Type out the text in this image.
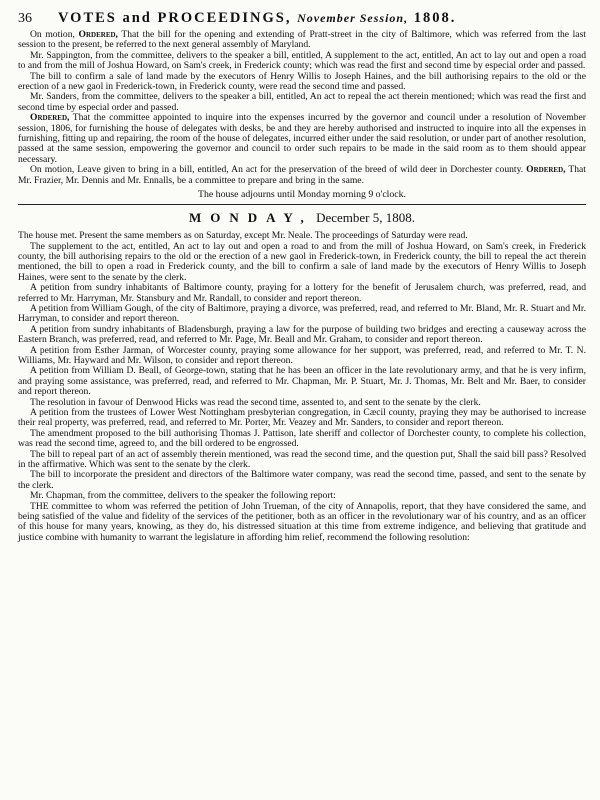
36	VOTES and PROCEEDINGS, November Session, 1808.

On motion, Ordered, That the bill for the opening and extending of Pratt-street in the city of Baltimore, which was referred from the last session to the present, be referred to the next general assembly of Maryland.

Mr. Sappington, from the committee, delivers to the speaker a bill, entitled, A supplement to the act, entitled, An act to lay out and open a road to and from the mill of Joshua Howard, on Sam's creek, in Frederick county; which was read the first and second time by especial order and passed.

The bill to confirm a sale of land made by the executors of Henry Willis to Joseph Haines, and the bill authorising repairs to the old or the erection of a new gaol in Frederick-town, in Frederick county, were read the second time and passed.

Mr. Sanders, from the committee, delivers to the speaker a bill, entitled, An act to repeal the act therein mentioned; which was read the first and second time by especial order and passed.

Ordered, That the committee appointed to inquire into the expenses incurred by the governor and council under a resolution of November session, 1806, for furnishing the house of delegates with desks, be and they are hereby authorised and instructed to inquire into all the expenses in furnishing, fitting up and repairing, the room of the house of delegates, incurred either under the said resolution, or under part of another resolution, passed at the same session, empowering the governor and council to order such repairs to be made in the said room as to them should appear necessary.

On motion, Leave given to bring in a bill, entitled, An act for the preservation of the breed of wild deer in Dorchester county. Ordered, That Mr. Frazier, Mr. Dennis and Mr. Ennalls, be a committee to prepare and bring in the same.

The house adjourns until Monday morning 9 o'clock.
MONDAY, December 5, 1808.

The house met. Present the same members as on Saturday, except Mr. Neale. The proceedings of Saturday were read.

The supplement to the act, entitled, An act to lay out and open a road to and from the mill of Joshua Howard, on Sam's creek, in Frederick county, the bill authorising repairs to the old or the erection of a new gaol in Frederick-town, in Frederick county, the bill to repeal the act therein mentioned, the bill to open a road in Frederick county, and the bill to confirm a sale of land made by the executors of Henry Willis to Joseph Haines, were sent to the senate by the clerk.

A petition from sundry inhabitants of Baltimore county, praying for a lottery for the benefit of Jerusalem church, was preferred, read, and referred to Mr. Harryman, Mr. Stansbury and Mr. Randall, to consider and report thereon.

A petition from William Gough, of the city of Baltimore, praying a divorce, was preferred, read, and referred to Mr. Bland, Mr. R. Stuart and Mr. Harryman, to consider and report thereon.

A petition from sundry inhabitants of Bladensburgh, praying a law for the purpose of building two bridges and erecting a causeway across the Eastern Branch, was preferred, read, and referred to Mr. Page, Mr. Beall and Mr. Graham, to consider and report thereon.

A petition from Esther Jarman, of Worcester county, praying some allowance for her support, was preferred, read, and referred to Mr. T. N. Williams, Mr. Hayward and Mr. Wilson, to consider and report thereon.

A petition from William D. Beall, of George-town, stating that he has been an officer in the late revolutionary army, and that he is very infirm, and praying some assistance, was preferred, read, and referred to Mr. Chapman, Mr. P. Stuart, Mr. J. Thomas, Mr. Belt and Mr. Baer, to consider and report thereon.

The resolution in favour of Denwood Hicks was read the second time, assented to, and sent to the senate by the clerk.

A petition from the trustees of Lower West Nottingham presbyterian congregation, in Cæcil county, praying they may be authorised to increase their real property, was preferred, read, and referred to Mr. Porter, Mr. Veazey and Mr. Sanders, to consider and report thereon.

The amendment proposed to the bill authorising Thomas J. Pattison, late sheriff and collector of Dorchester county, to complete his collection, was read the second time, agreed to, and the bill ordered to be engrossed.

The bill to repeal part of an act of assembly therein mentioned, was read the second time, and the question put, Shall the said bill pass? Resolved in the affirmative. Which was sent to the senate by the clerk.

The bill to incorporate the president and directors of the Baltimore water company, was read the second time, passed, and sent to the senate by the clerk.

Mr. Chapman, from the committee, delivers to the speaker the following report:

THE committee to whom was referred the petition of John Trueman, of the city of Annapolis, report, that they have considered the same, and being satisfied of the value and fidelity of the services of the petitioner, both as an officer in the revolutionary war of his country, and as an officer of this house for many years, knowing, as they do, his distressed situation at this time from extreme indigence, and believing that gratitude and justice combine with humanity to warrant the legislature in affording him relief, recommend the following resolution:
